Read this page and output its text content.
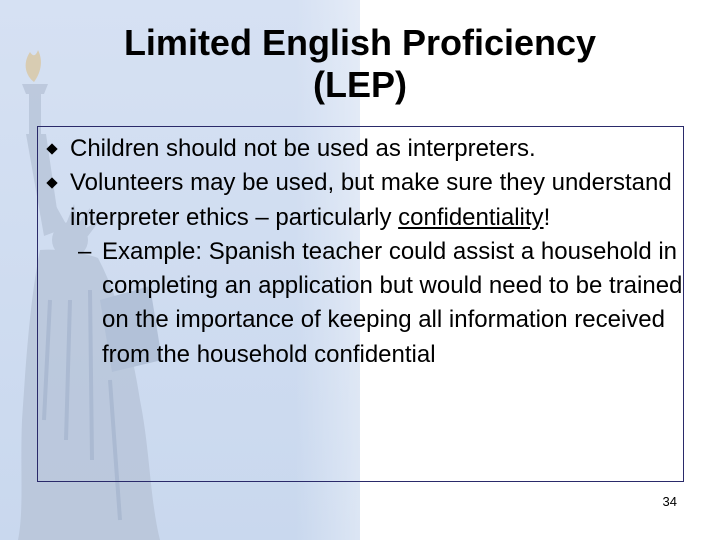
Limited English Proficiency
(LEP)
Children should not be used as interpreters.
Volunteers may be used, but make sure they understand interpreter ethics – particularly confidentiality!
– Example: Spanish teacher could assist a household in completing an application but would need to be trained on the importance of keeping all information received from the household confidential
34
